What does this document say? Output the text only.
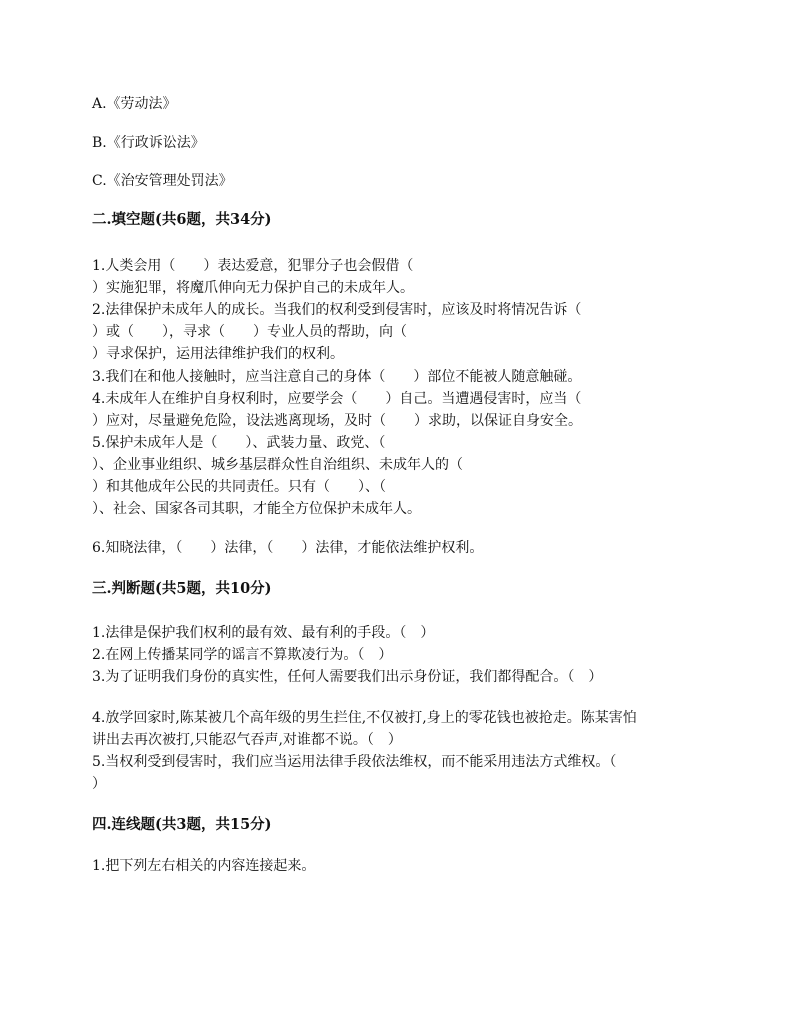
A.《劳动法》
B.《行政诉讼法》
C.《治安管理处罚法》
二.填空题(共6题，共34分)
1.人类会用（　　）表达爱意，犯罪分子也会假借（
）实施犯罪，将魔爪伸向无力保护自己的未成年人。
2.法律保护未成年人的成长。当我们的权利受到侵害时，应该及时将情况告诉（
）或（　　），寻求（　　）专业人员的帮助，向（
）寻求保护，运用法律维护我们的权利。
3.我们在和他人接触时，应当注意自己的身体（　　）部位不能被人随意触碰。
4.未成年人在维护自身权利时，应要学会（　　）自己。当遭遇侵害时，应当（
）应对，尽量避免危险，设法逃离现场，及时（　　）求助，以保证自身安全。
5.保护未成年人是（　　）、武装力量、政党、（
）、企业事业组织、城乡基层群众性自治组织、未成年人的（
）和其他成年公民的共同责任。只有（　　）、（
）、社会、国家各司其职，才能全方位保护未成年人。
6.知晓法律，（　　）法律，（　　）法律，才能依法维护权利。
三.判断题(共5题，共10分)
1.法律是保护我们权利的最有效、最有利的手段。（　）
2.在网上传播某同学的谣言不算欺凌行为。（　）
3.为了证明我们身份的真实性，任何人需要我们出示身份证，我们都得配合。（　）
4.放学回家时,陈某被几个高年级的男生拦住,不仅被打,身上的零花钱也被抢走。陈某害怕
讲出去再次被打,只能忍气吞声,对谁都不说。（　）
5.当权利受到侵害时，我们应当运用法律手段依法维权，而不能采用违法方式维权。（
）
四.连线题(共3题，共15分)
1.把下列左右相关的内容连接起来。
